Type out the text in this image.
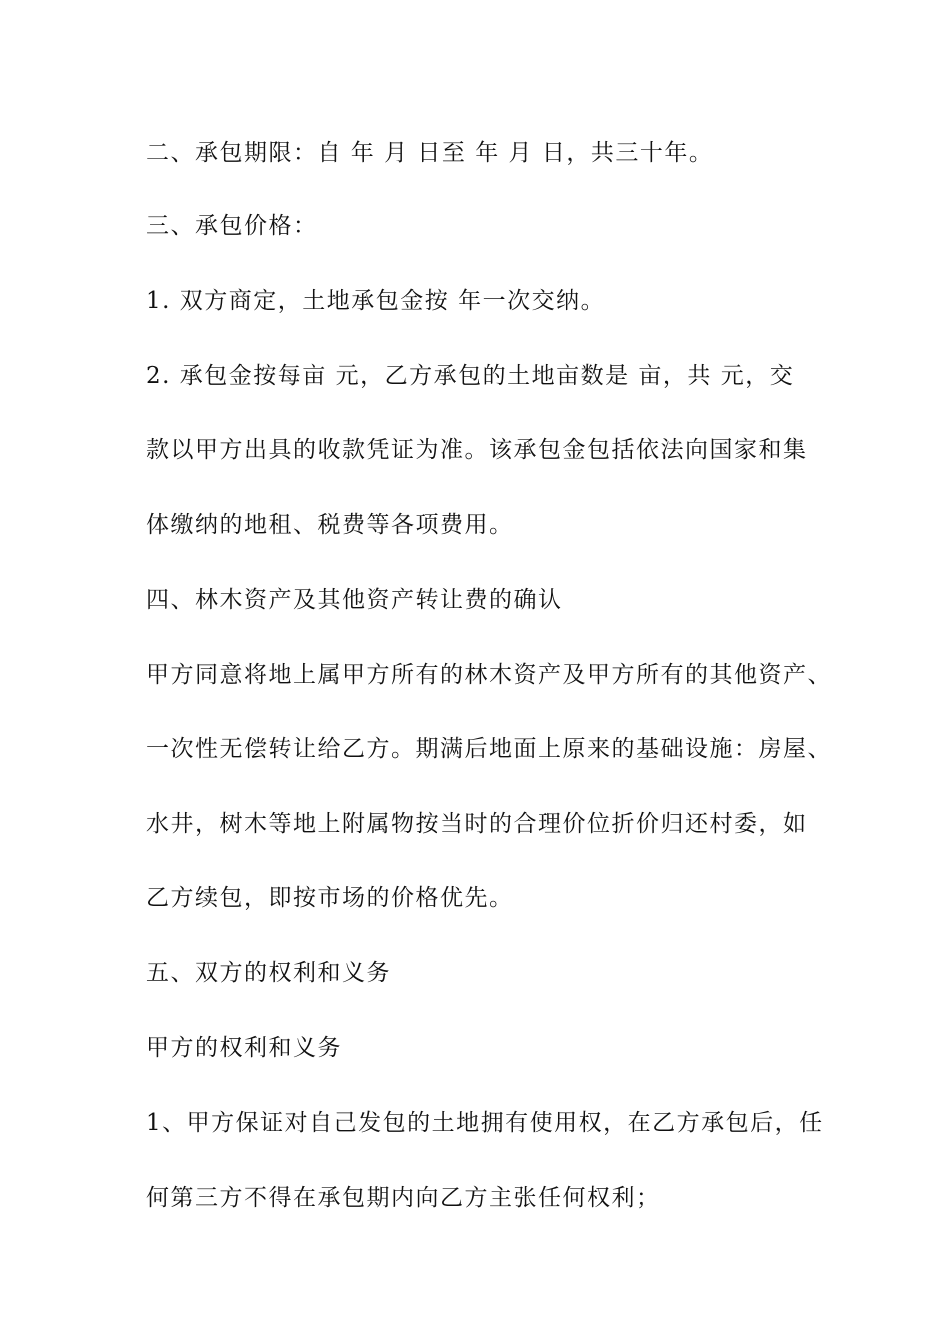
二、承包期限：自 年 月 日至 年 月 日，共三十年。
三、承包价格：
1. 双方商定，土地承包金按 年一次交纳。
2. 承包金按每亩 元，乙方承包的土地亩数是 亩，共 元，交
款以甲方出具的收款凭证为准。该承包金包括依法向国家和集
体缴纳的地租、税费等各项费用。
四、林木资产及其他资产转让费的确认
甲方同意将地上属甲方所有的林木资产及甲方所有的其他资产、
一次性无偿转让给乙方。期满后地面上原来的基础设施：房屋、
水井，树木等地上附属物按当时的合理价位折价归还村委，如
乙方续包，即按市场的价格优先。
五、双方的权利和义务
甲方的权利和义务
1、甲方保证对自己发包的土地拥有使用权，在乙方承包后，任
何第三方不得在承包期内向乙方主张任何权利；
